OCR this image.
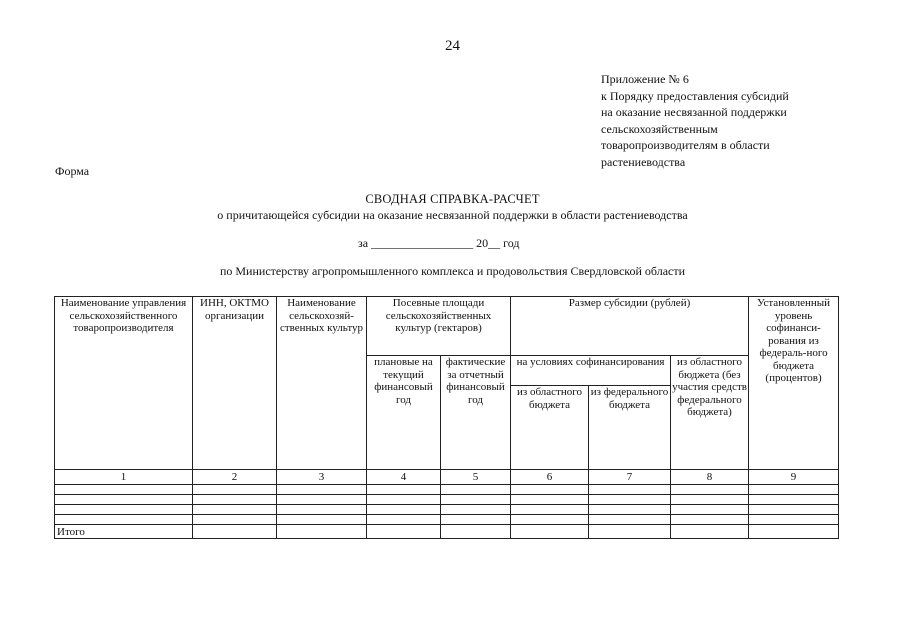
24
Приложение № 6
к Порядку предоставления субсидий
на оказание несвязанной поддержки
сельскохозяйственным
товаропроизводителям в области
растениеводства
Форма
СВОДНАЯ СПРАВКА-РАСЧЕТ
о причитающейся субсидии на оказание несвязанной поддержки в области растениеводства
за _________________ 20__ год
по Министерству агропромышленного комплекса и продовольствия Свердловской области
Наименование управления сельскохозяйственного товаропроизводителя	ИНН, ОКТМО организации	Наименование сельскохозяй-ственных культур	Посевные площади сельскохозяйственных культур (гектаров)		Размер субсидии (рублей)			Установленный уровень софинанси-рования из федераль-ного бюджета (процентов)
			плановые на текущий финансовый год	фактические за отчетный финансовый год	на условиях софинансирования		из областного бюджета (без участия средств федерального бюджета)	
					из областного бюджета	из федерального бюджета		
1	2	3	4	5	6	7	8	9

Итого								
